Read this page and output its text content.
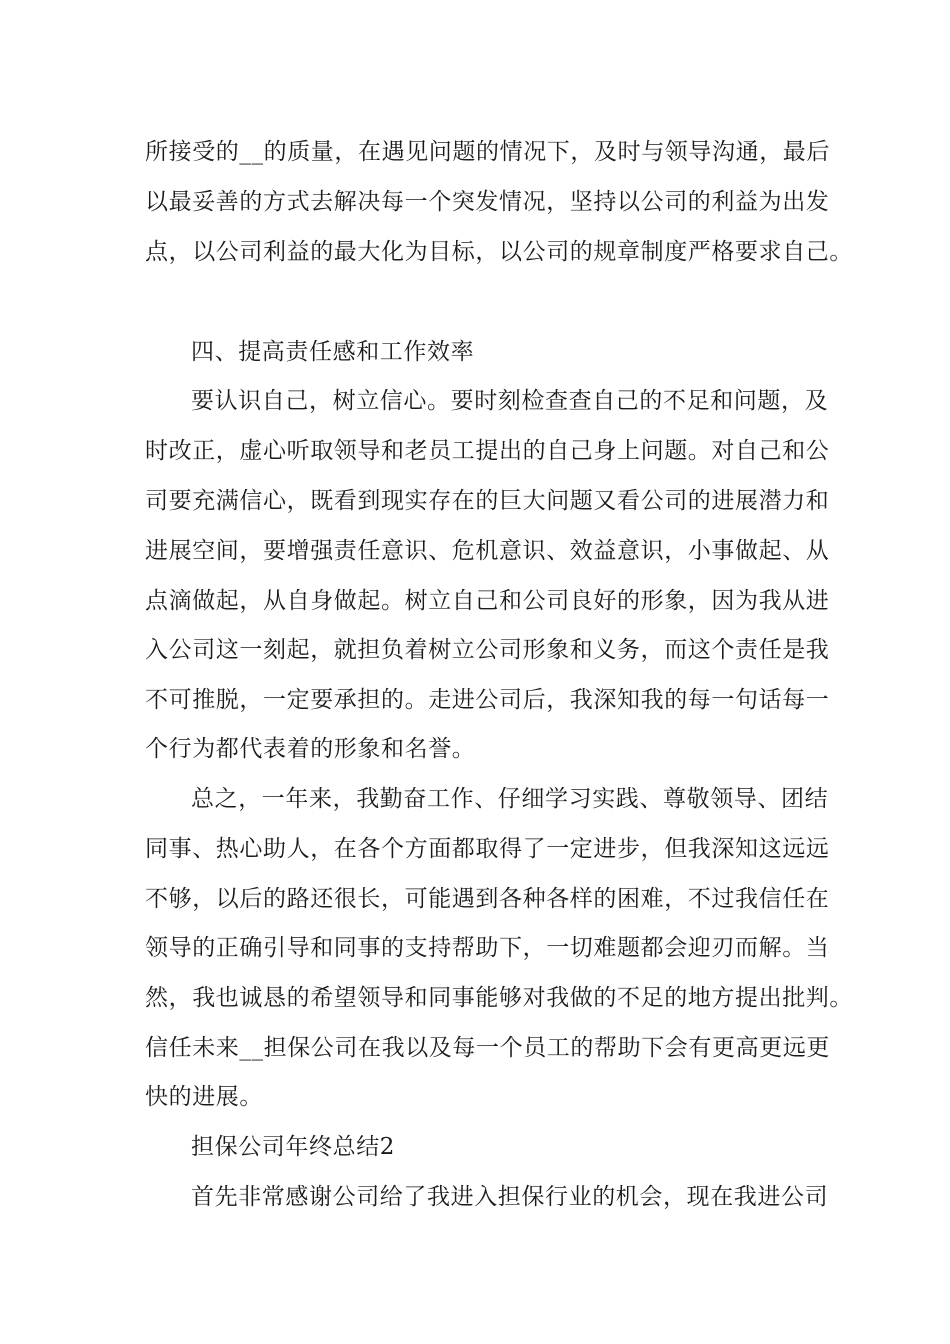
所接受的__的质量，在遇见问题的情况下，及时与领导沟通，最后
以最妥善的方式去解决每一个突发情况，坚持以公司的利益为出发
点，以公司利益的最大化为目标，以公司的规章制度严格要求自己。
四、提高责任感和工作效率
要认识自己，树立信心。要时刻检查查自己的不足和问题，及
时改正，虚心听取领导和老员工提出的自己身上问题。对自己和公
司要充满信心，既看到现实存在的巨大问题又看公司的进展潜力和
进展空间，要增强责任意识、危机意识、效益意识，小事做起、从
点滴做起，从自身做起。树立自己和公司良好的形象，因为我从进
入公司这一刻起，就担负着树立公司形象和义务，而这个责任是我
不可推脱，一定要承担的。走进公司后，我深知我的每一句话每一
个行为都代表着的形象和名誉。
总之，一年来，我勤奋工作、仔细学习实践、尊敬领导、团结
同事、热心助人，在各个方面都取得了一定进步，但我深知这远远
不够，以后的路还很长，可能遇到各种各样的困难，不过我信任在
领导的正确引导和同事的支持帮助下，一切难题都会迎刃而解。当
然，我也诚恳的希望领导和同事能够对我做的不足的地方提出批判。
信任未来__担保公司在我以及每一个员工的帮助下会有更高更远更
快的进展。
担保公司年终总结2
首先非常感谢公司给了我进入担保行业的机会，现在我进公司
